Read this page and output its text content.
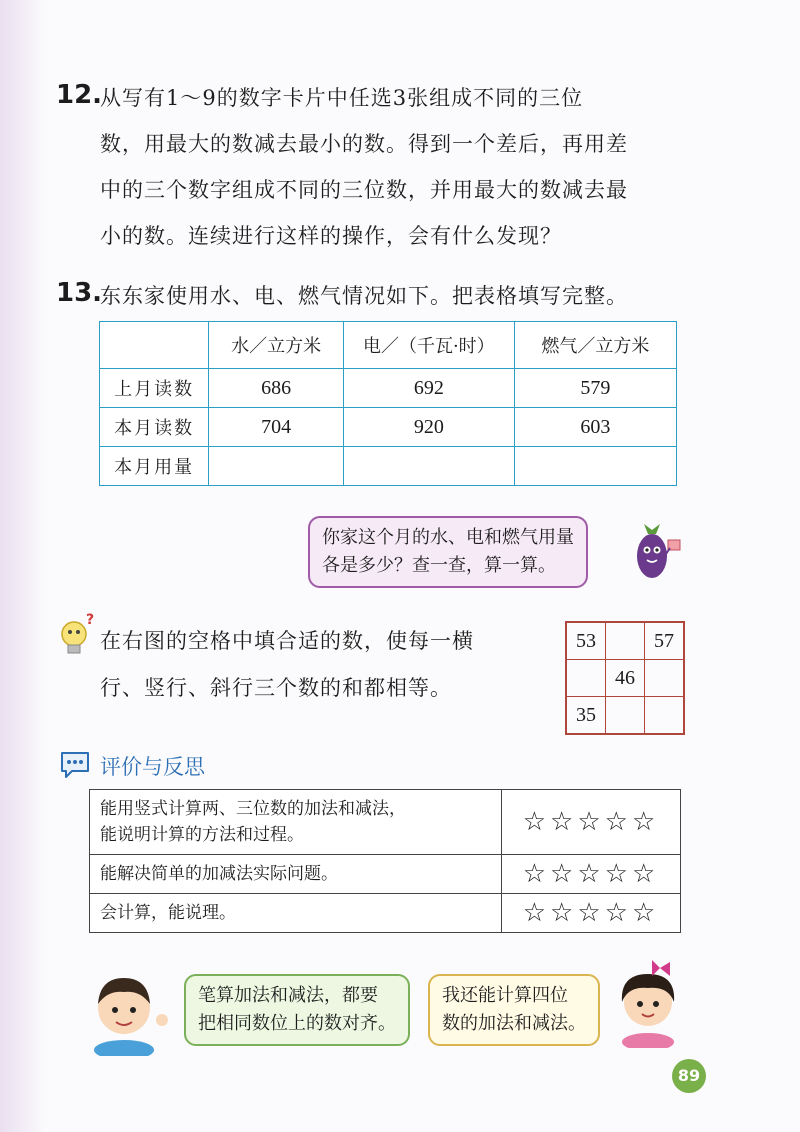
12.
从写有1～9的数字卡片中任选3张组成不同的三位
数，用最大的数减去最小的数。得到一个差后，再用差
中的三个数字组成不同的三位数，并用最大的数减去最
小的数。连续进行这样的操作，会有什么发现？
13.
东东家使用水、电、燃气情况如下。把表格填写完整。
	水／立方米	电／（千瓦·时）	燃气／立方米
上月读数	686	692	579
本月读数	704	920	603
本月用量			
你家这个月的水、电和燃气用量
各是多少？查一查，算一算。
?
在右图的空格中填合适的数，使每一横
行、竖行、斜行三个数的和都相等。
53		57
	46	
35		
评价与反思
能用竖式计算两、三位数的加法和减法，
能说明计算的方法和过程。	☆☆☆☆☆

能解决简单的加减法实际问题。	☆☆☆☆☆

会计算，能说理。	☆☆☆☆☆
笔算加法和减法，都要
把相同数位上的数对齐。
我还能计算四位
数的加法和减法。
89
